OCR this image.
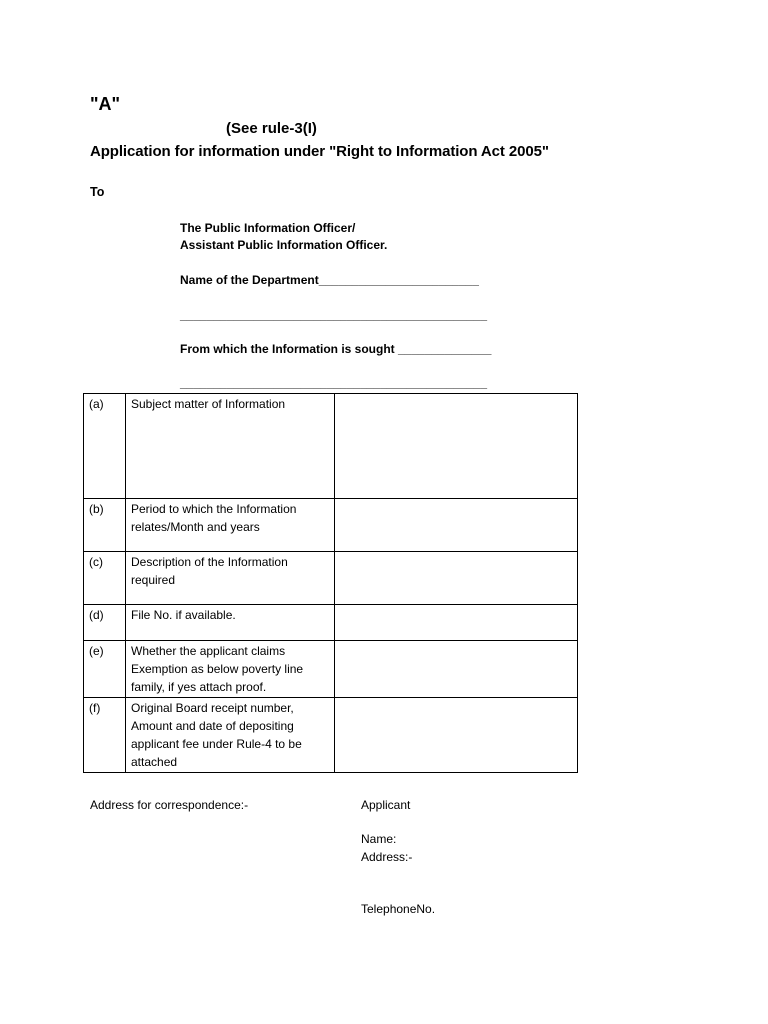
"A"
(See rule-3(I)
Application for information under "Right to Information Act 2005"
To
The Public Information Officer/
Assistant Public Information Officer.
Name of the Department________________________
______________________________________________
From which the Information is sought ______________
______________________________________________
(a)	Subject matter of Information	
(b)	Period to which the Information relates/Month and years	
(c)	Description of the Information required	
(d)	File No. if available.	
(e)	Whether the applicant claims Exemption as below poverty line family, if yes attach proof.	
(f)	Original Board receipt number, Amount and date of depositing applicant fee under Rule-4 to be attached	
Address for correspondence:-	Applicant
Name:
Address:-
TelephoneNo.
